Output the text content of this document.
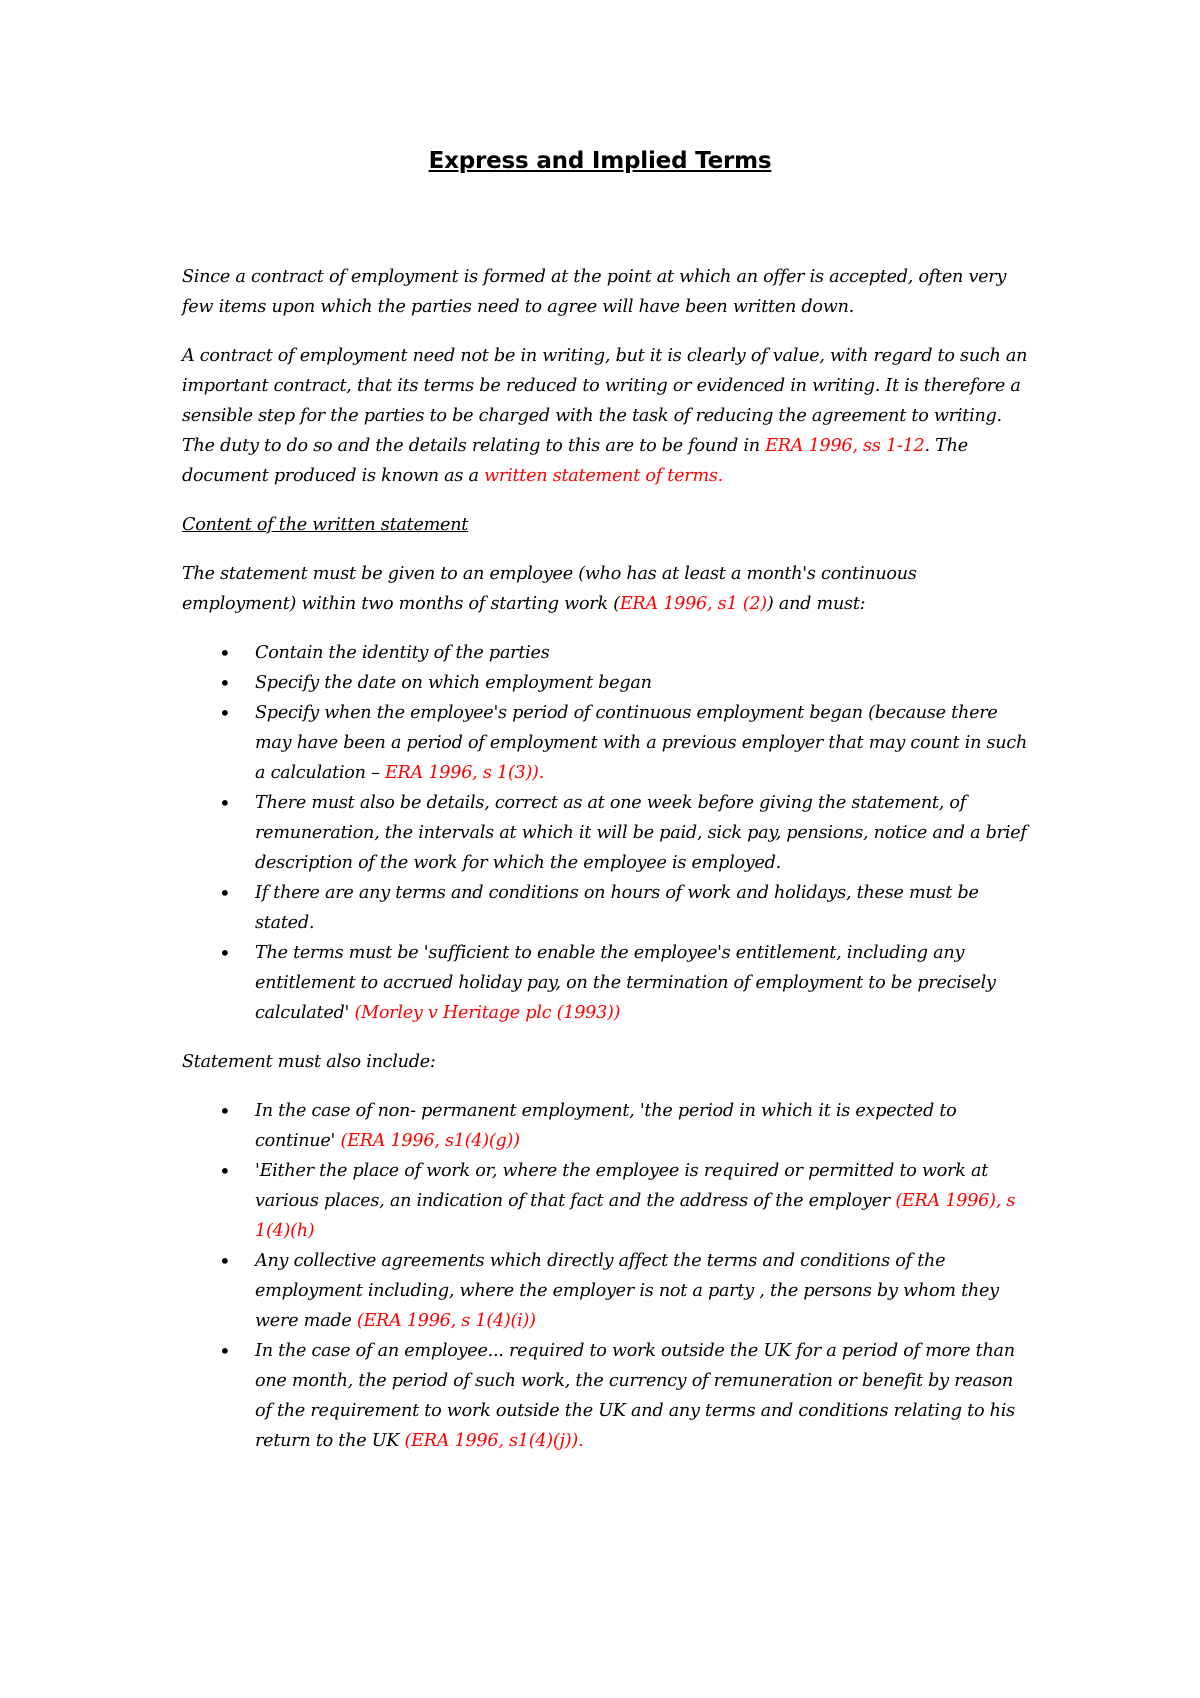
Express and Implied Terms

Since a contract of employment is formed at the point at which an offer is accepted, often very few items upon which the parties need to agree will have been written down.

A contract of employment need not be in writing, but it is clearly of value, with regard to such an important contract, that its terms be reduced to writing or evidenced in writing. It is therefore a sensible step for the parties to be charged with the task of reducing the agreement to writing. The duty to do so and the details relating to this are to be found in ERA 1996, ss 1-12. The document produced is known as a written statement of terms.

Content of the written statement

The statement must be given to an employee (who has at least a month's continuous employment) within two months of starting work (ERA 1996, s1 (2)) and must:

• Contain the identity of the parties
• Specify the date on which employment began
• Specify when the employee's period of continuous employment began (because there may have been a period of employment with a previous employer that may count in such a calculation – ERA 1996, s 1(3)).
• There must also be details, correct as at one week before giving the statement, of remuneration, the intervals at which it will be paid, sick pay, pensions, notice and a brief description of the work for which the employee is employed.
• If there are any terms and conditions on hours of work and holidays, these must be stated.
• The terms must be 'sufficient to enable the employee's entitlement, including any entitlement to accrued holiday pay, on the termination of employment to be precisely calculated' (Morley v Heritage plc (1993))

Statement must also include:

• In the case of non- permanent employment, 'the period in which it is expected to continue' (ERA 1996, s1(4)(g))
• 'Either the place of work or, where the employee is required or permitted to work at various places, an indication of that fact and the address of the employer (ERA 1996), s 1(4)(h)
• Any collective agreements which directly affect the terms and conditions of the employment including, where the employer is not a party , the persons by whom they were made (ERA 1996, s 1(4)(i))
• In the case of an employee... required to work outside the UK for a period of more than one month, the period of such work, the currency of remuneration or benefit by reason of the requirement to work outside the UK and any terms and conditions relating to his return to the UK (ERA 1996, s1(4)(j)).
